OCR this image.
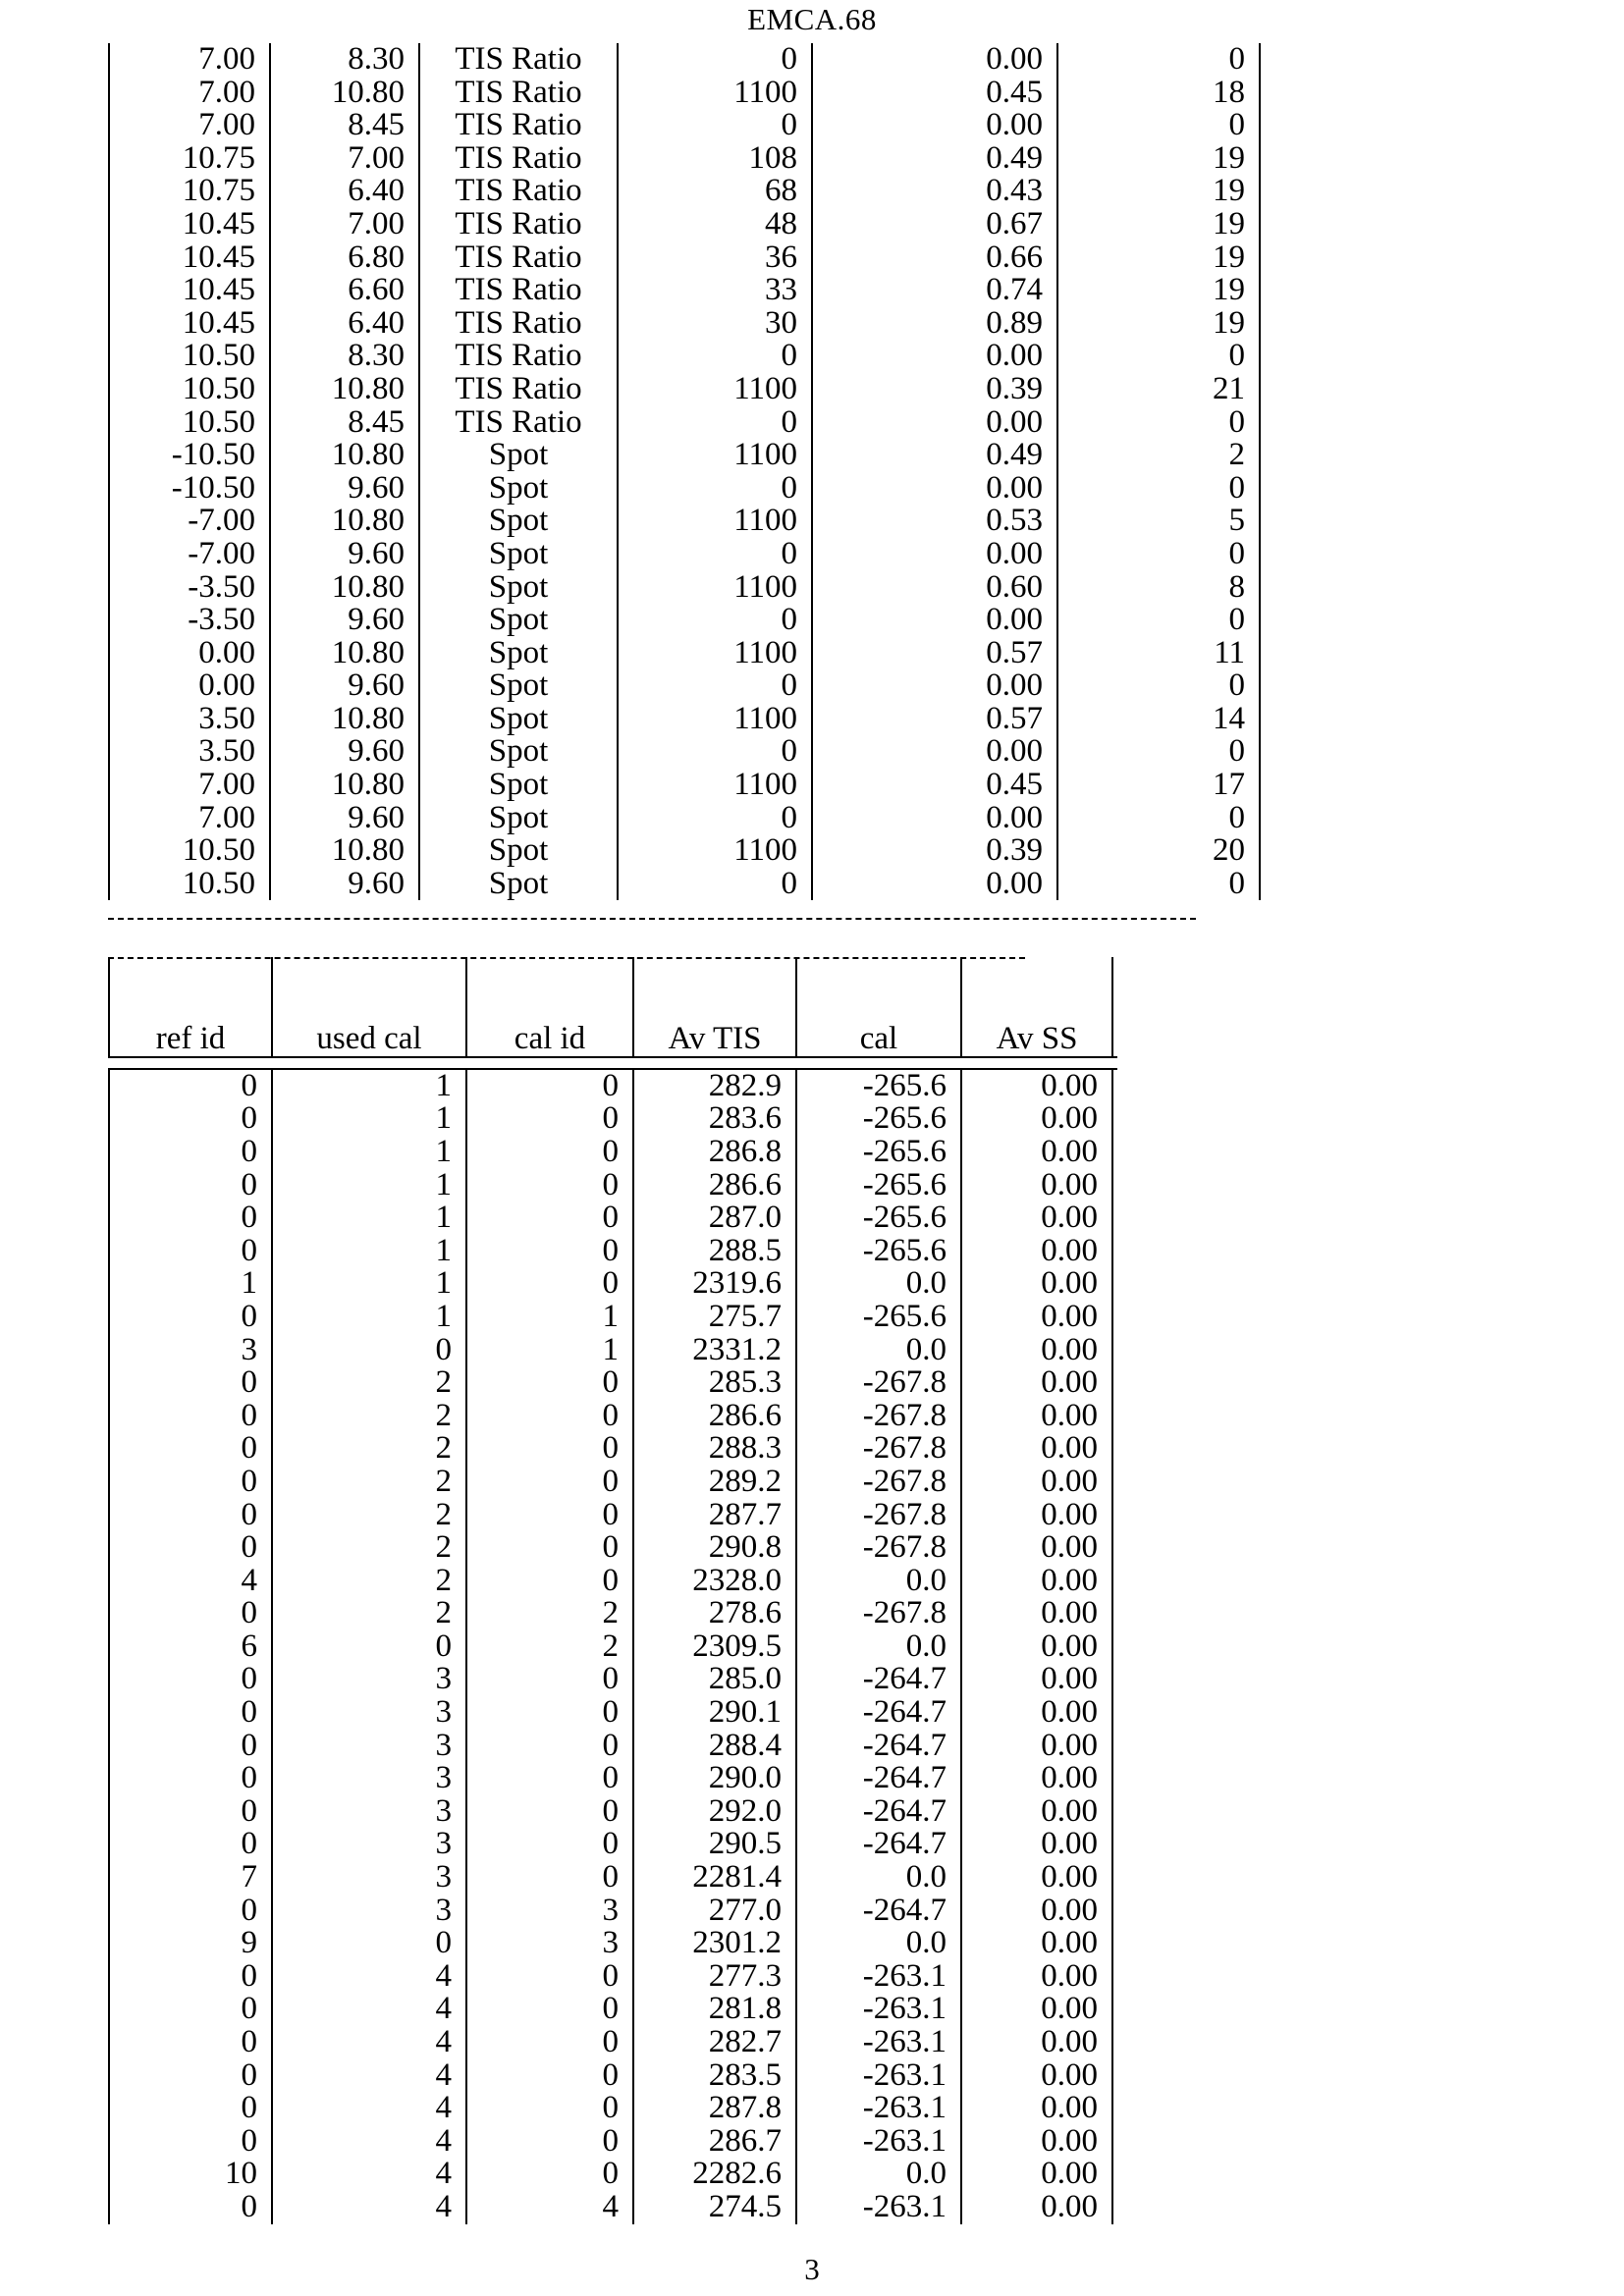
EMCA.68
7.00	8.30	TIS Ratio	0	0.00	0	
7.00	10.80	TIS Ratio	1100	0.45	18	
7.00	8.45	TIS Ratio	0	0.00	0	
10.75	7.00	TIS Ratio	108	0.49	19	
10.75	6.40	TIS Ratio	68	0.43	19	
10.45	7.00	TIS Ratio	48	0.67	19	
10.45	6.80	TIS Ratio	36	0.66	19	
10.45	6.60	TIS Ratio	33	0.74	19	
10.45	6.40	TIS Ratio	30	0.89	19	
10.50	8.30	TIS Ratio	0	0.00	0	
10.50	10.80	TIS Ratio	1100	0.39	21	
10.50	8.45	TIS Ratio	0	0.00	0	
-10.50	10.80	Spot	1100	0.49	2	
-10.50	9.60	Spot	0	0.00	0	
-7.00	10.80	Spot	1100	0.53	5	
-7.00	9.60	Spot	0	0.00	0	
-3.50	10.80	Spot	1100	0.60	8	
-3.50	9.60	Spot	0	0.00	0	
0.00	10.80	Spot	1100	0.57	11	
0.00	9.60	Spot	0	0.00	0	
3.50	10.80	Spot	1100	0.57	14	
3.50	9.60	Spot	0	0.00	0	
7.00	10.80	Spot	1100	0.45	17	
7.00	9.60	Spot	0	0.00	0	
10.50	10.80	Spot	1100	0.39	20	
10.50	9.60	Spot	0	0.00	0	

ref id	used cal	cal id	Av TIS	cal	Av SS	

0	1	0	282.9	-265.6	0.00	
0	1	0	283.6	-265.6	0.00	
0	1	0	286.8	-265.6	0.00	
0	1	0	286.6	-265.6	0.00	
0	1	0	287.0	-265.6	0.00	
0	1	0	288.5	-265.6	0.00	
1	1	0	2319.6	0.0	0.00	
0	1	1	275.7	-265.6	0.00	
3	0	1	2331.2	0.0	0.00	
0	2	0	285.3	-267.8	0.00	
0	2	0	286.6	-267.8	0.00	
0	2	0	288.3	-267.8	0.00	
0	2	0	289.2	-267.8	0.00	
0	2	0	287.7	-267.8	0.00	
0	2	0	290.8	-267.8	0.00	
4	2	0	2328.0	0.0	0.00	
0	2	2	278.6	-267.8	0.00	
6	0	2	2309.5	0.0	0.00	
0	3	0	285.0	-264.7	0.00	
0	3	0	290.1	-264.7	0.00	
0	3	0	288.4	-264.7	0.00	
0	3	0	290.0	-264.7	0.00	
0	3	0	292.0	-264.7	0.00	
0	3	0	290.5	-264.7	0.00	
7	3	0	2281.4	0.0	0.00	
0	3	3	277.0	-264.7	0.00	
9	0	3	2301.2	0.0	0.00	
0	4	0	277.3	-263.1	0.00	
0	4	0	281.8	-263.1	0.00	
0	4	0	282.7	-263.1	0.00	
0	4	0	283.5	-263.1	0.00	
0	4	0	287.8	-263.1	0.00	
0	4	0	286.7	-263.1	0.00	
10	4	0	2282.6	0.0	0.00	
0	4	4	274.5	-263.1	0.00	
3
